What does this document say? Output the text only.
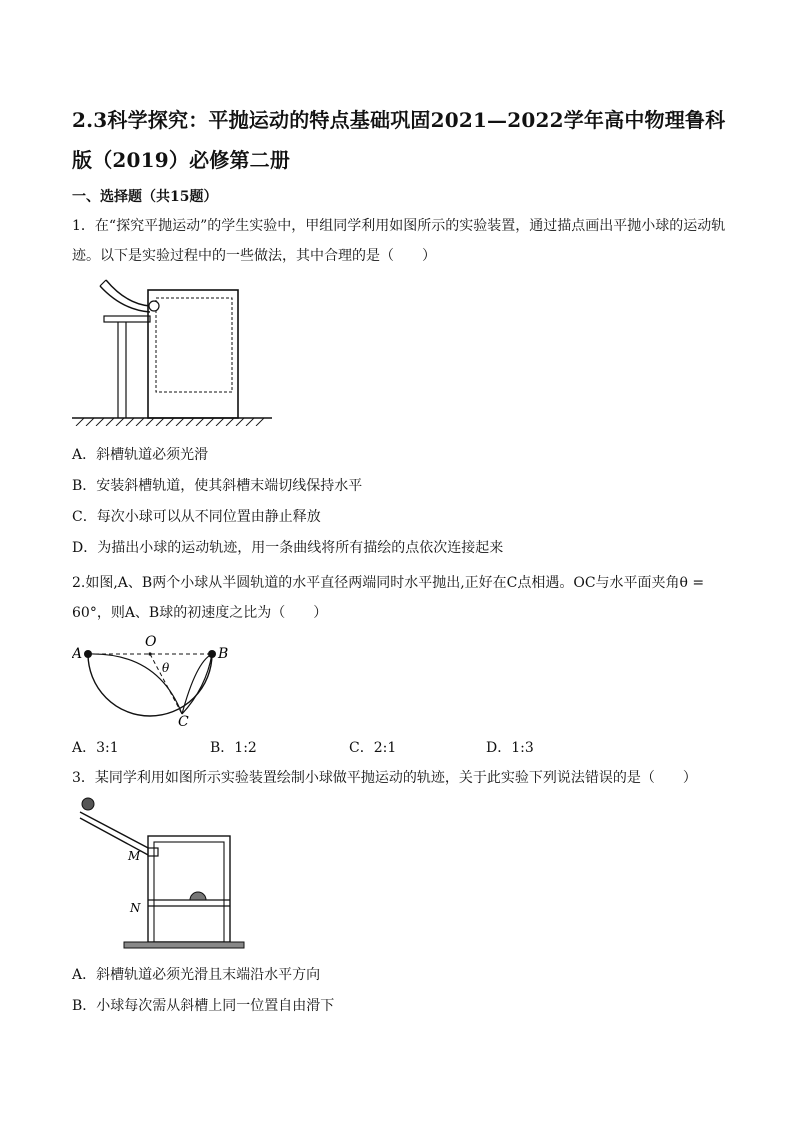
2.3科学探究：平抛运动的特点基础巩固2021—2022学年高中物理鲁科版（2019）必修第二册
一、选择题（共15题）
1．在“探究平抛运动”的学生实验中，甲组同学利用如图所示的实验装置，通过描点画出平抛小球的运动轨迹。以下是实验过程中的一些做法，其中合理的是（　　）
A．斜槽轨道必须光滑
B．安装斜槽轨道，使其斜槽末端切线保持水平
C．每次小球可以从不同位置由静止释放
D．为描出小球的运动轨迹，用一条曲线将所有描绘的点依次连接起来
2.如图,A、B两个小球从半圆轨道的水平直径两端同时水平抛出,正好在C点相遇。OC与水平面夹角θ = 60°，则A、B球的初速度之比为（　　）
A
O
B
C
θ
A．3:1	B．1:2	C．2:1	D．1:3
3．某同学利用如图所示实验装置绘制小球做平抛运动的轨迹，关于此实验下列说法错误的是（　　）
M
N
A．斜槽轨道必须光滑且末端沿水平方向
B．小球每次需从斜槽上同一位置自由滑下
